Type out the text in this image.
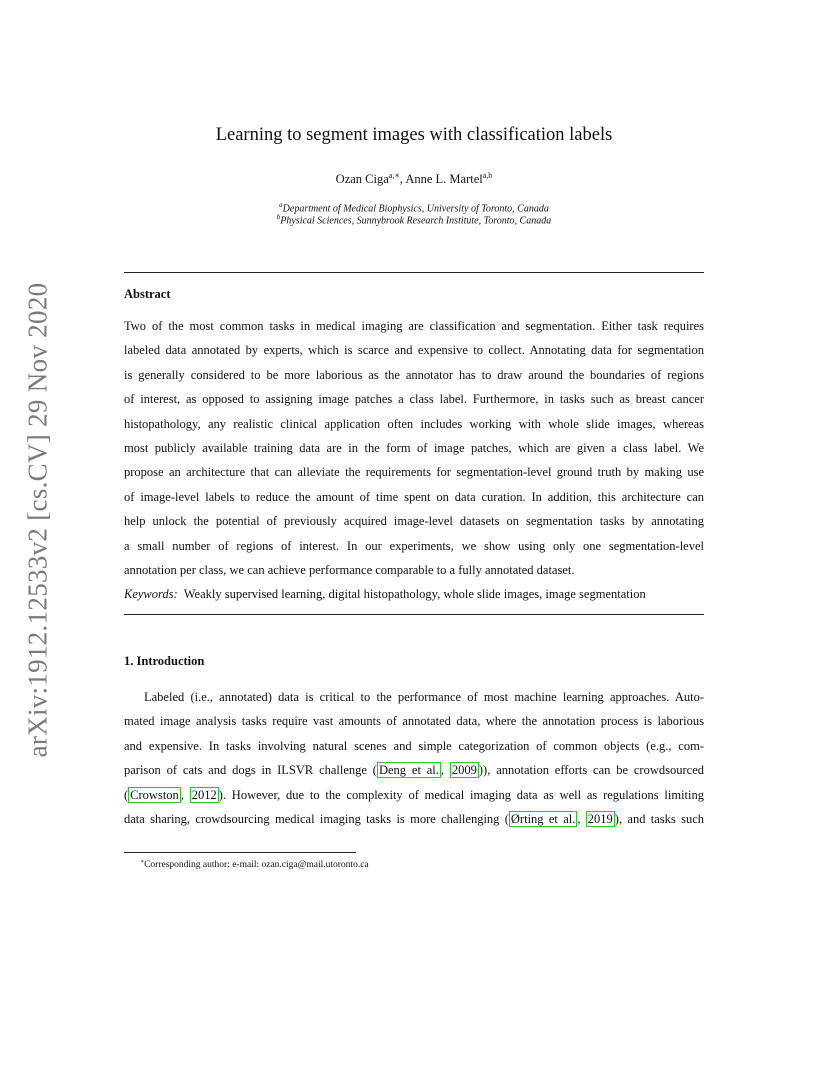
arXiv:1912.12533v2 [cs.CV] 29 Nov 2020
Learning to segment images with classification labels
Ozan Ciga$^{a,∗}$, Anne L. Martel$^{a,b}$
$^a$Department of Medical Biophysics, University of Toronto, Canada
$^b$Physical Sciences, Sunnybrook Research Institute, Toronto, Canada
Abstract
Two of the most common tasks in medical imaging are classification and segmentation. Either task requires
labeled data annotated by experts, which is scarce and expensive to collect. Annotating data for segmentation
is generally considered to be more laborious as the annotator has to draw around the boundaries of regions
of interest, as opposed to assigning image patches a class label. Furthermore, in tasks such as breast cancer
histopathology, any realistic clinical application often includes working with whole slide images, whereas
most publicly available training data are in the form of image patches, which are given a class label. We
propose an architecture that can alleviate the requirements for segmentation-level ground truth by making use
of image-level labels to reduce the amount of time spent on data curation. In addition, this architecture can
help unlock the potential of previously acquired image-level datasets on segmentation tasks by annotating
a small number of regions of interest. In our experiments, we show using only one segmentation-level
annotation per class, we can achieve performance comparable to a fully annotated dataset.
Keywords: Weakly supervised learning, digital histopathology, whole slide images, image segmentation
1. Introduction
Labeled (i.e., annotated) data is critical to the performance of most machine learning approaches. Auto-
mated image analysis tasks require vast amounts of annotated data, where the annotation process is laborious
and expensive. In tasks involving natural scenes and simple categorization of common objects (e.g., com-
parison of cats and dogs in ILSVR challenge ( Deng et al. , 2009 )), annotation efforts can be crowdsourced
( Crowston , 2012 ). However, due to the complexity of medical imaging data as well as regulations limiting
data sharing, crowdsourcing medical imaging tasks is more challenging ( Ørting et al. , 2019 ), and tasks such
∗Corresponding author: e-mail: ozan.ciga@mail.utoronto.ca
